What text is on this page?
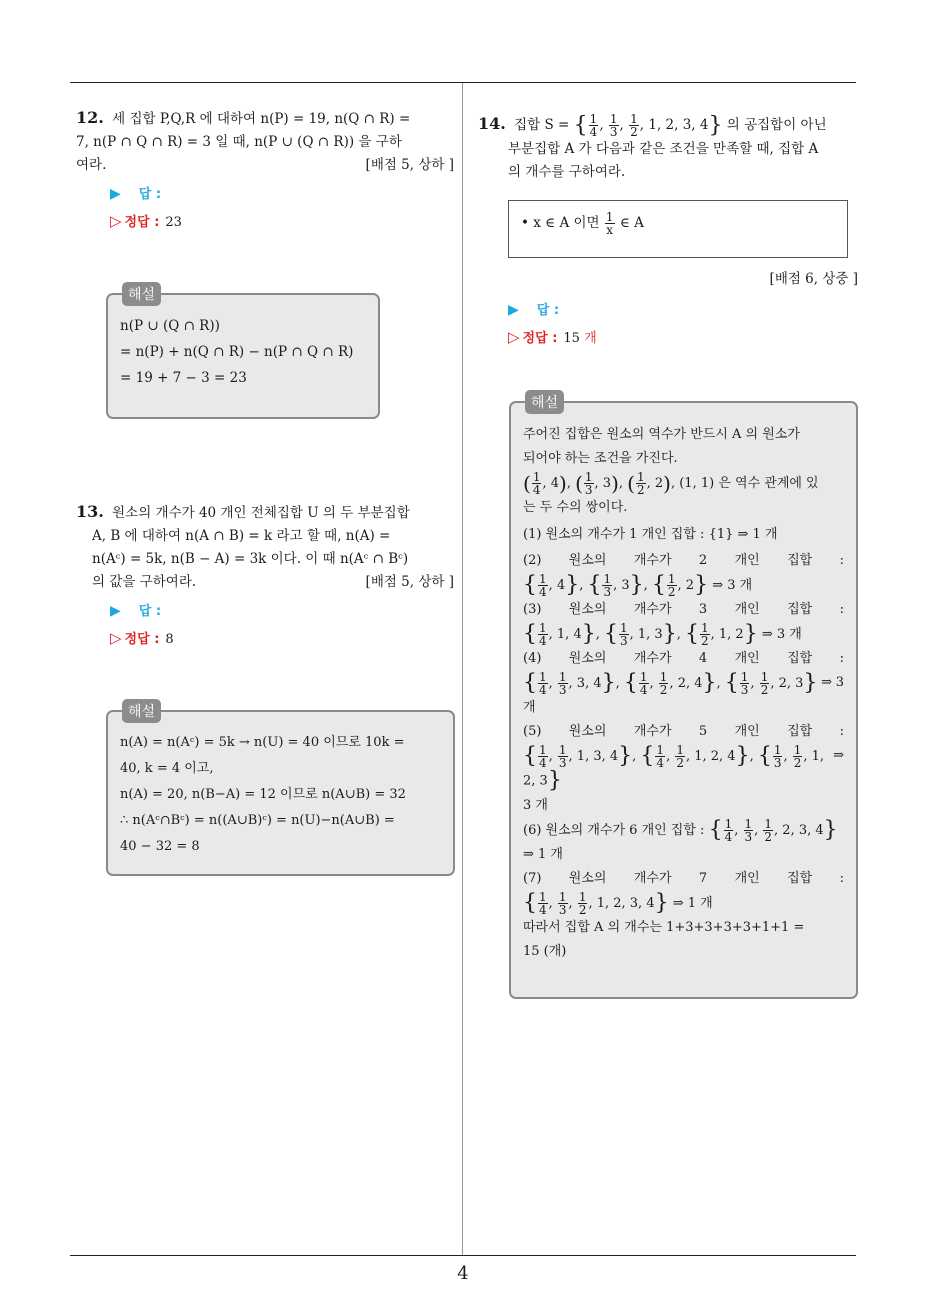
4
12. 세 집합 P,Q,R 에 대하여 n(P) = 19, n(Q ∩ R) =
7, n(P ∩ Q ∩ R) = 3 일 때, n(P ∪ (Q ∩ R)) 을 구하
여라.	[배점 5, 상하 ]
▶ 답 :
▷ 정답 : 23
해설
n(P ∪ (Q ∩ R))
= n(P) + n(Q ∩ R) − n(P ∩ Q ∩ R)
= 19 + 7 − 3 = 23
13. 원소의 개수가 40 개인 전체집합 U 의 두 부분집합
A, B 에 대하여 n(A ∩ B) = k 라고 할 때, n(A) =
n(Aᶜ) = 5k, n(B − A) = 3k 이다. 이 때 n(Aᶜ ∩ Bᶜ)
의 값을 구하여라.	[배점 5, 상하 ]
▶ 답 :
▷ 정답 : 8
해설
n(A) = n(Aᶜ) = 5k → n(U) = 40 이므로 10k =
40, k = 4 이고,
n(A) = 20, n(B−A) = 12 이므로 n(A∪B) = 32
∴ n(Aᶜ∩Bᶜ) = n((A∪B)ᶜ) = n(U)−n(A∪B) =
40 − 32 = 8
14. 집합 S = { $\frac{1}{4}$ , $\frac{1}{3}$ , $\frac{1}{2}$ , 1, 2, 3, 4} 의 공집합이 아닌
부분집합 A 가 다음과 같은 조건을 만족할 때, 집합 A
의 개수를 구하여라.
• x ∈ A 이면 $\frac{1}{x}$ ∈ A
[배점 6, 상중 ]
▶ 답 :
▷ 정답 : 15 개
해설
주어진 집합은 원소의 역수가 반드시 A 의 원소가
되어야 하는 조건을 가진다.
( $\frac{1}{4}$ , 4), ( $\frac{1}{3}$ , 3), ( $\frac{1}{2}$ , 2), (1, 1) 은 역수 관계에 있
는 두 수의 쌍이다.
(1) 원소의 개수가 1 개인 집합 : {1} ⇒ 1 개
(2) 원소의 개수가 2 개인 집합 :
{ $\frac{1}{4}$ , 4}, { $\frac{1}{3}$ , 3}, { $\frac{1}{2}$ , 2} ⇒ 3 개
(3) 원소의 개수가 3 개인 집합 :
{ $\frac{1}{4}$ , 1, 4}, { $\frac{1}{3}$ , 1, 3}, { $\frac{1}{2}$ , 1, 2} ⇒ 3 개
(4) 원소의 개수가 4 개인 집합 :
{ $\frac{1}{4}$ , $\frac{1}{3}$ , 3, 4}, { $\frac{1}{4}$ , $\frac{1}{2}$ , 2, 4}, { $\frac{1}{3}$ , $\frac{1}{2}$ , 2, 3} ⇒ 3
개
(5) 원소의 개수가 5 개인 집합 :
{ $\frac{1}{4}$ , $\frac{1}{3}$ , 1, 3, 4}, { $\frac{1}{4}$ , $\frac{1}{2}$ , 1, 2, 4}, { $\frac{1}{3}$ , $\frac{1}{2}$ , 1, 2, 3}
⇒
3 개
(6) 원소의 개수가 6 개인 집합 : { $\frac{1}{4}$ , $\frac{1}{3}$ , $\frac{1}{2}$ , 2, 3, 4}
⇒ 1 개
(7) 원소의 개수가 7 개인 집합 :
{ $\frac{1}{4}$ , $\frac{1}{3}$ , $\frac{1}{2}$ , 1, 2, 3, 4} ⇒ 1 개
따라서 집합 A 의 개수는 1+3+3+3+3+1+1 =
15 (개)
